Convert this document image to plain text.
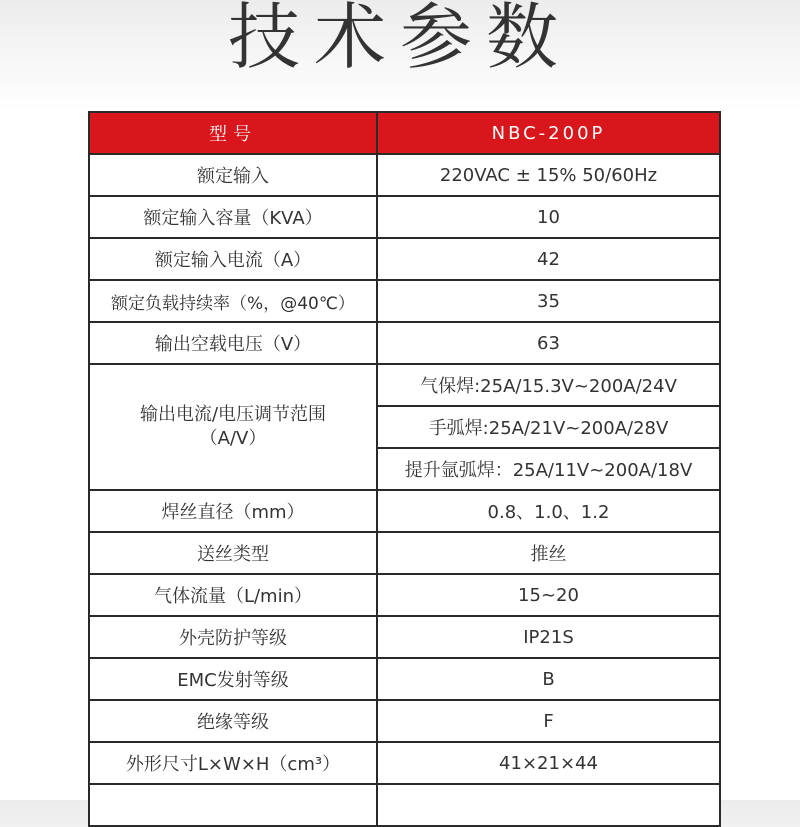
技术参数
型号	NBC-200P
额定输入	220VAC ± 15% 50/60Hz
额定输入容量（KVA）	10
额定输入电流（A）	42
额定负载持续率（%，@40℃）	35
输出空载电压（V）	63

输出电流/电压调节范围
（A/V）	气保焊:25A/15.3V~200A/24V
	手弧焊:25A/21V~200A/28V
	提升氩弧焊：25A/11V~200A/18V
焊丝直径（mm）	0.8、1.0、1.2
送丝类型	推丝
气体流量（L/min）	15~20
外壳防护等级	IP21S
EMC发射等级	B
绝缘等级	F
外形尺寸L×W×H（cm³）	41×21×44
